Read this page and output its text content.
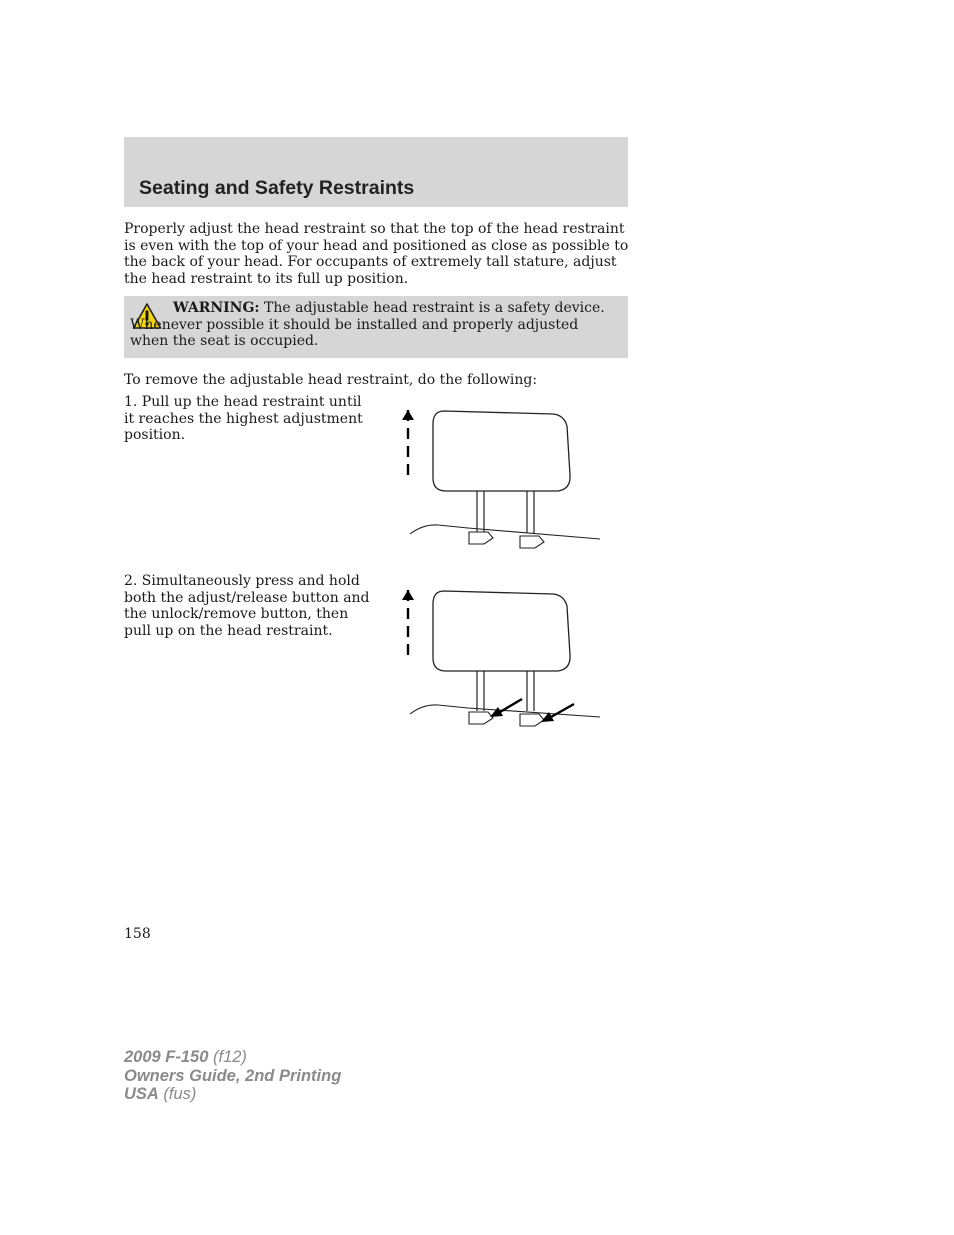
Seating and Safety Restraints

Properly adjust the head restraint so that the top of the head restraint is even with the top of your head and positioned as close as possible to the back of your head. For occupants of extremely tall stature, adjust the head restraint to its full up position.

WARNING: The adjustable head restraint is a safety device. Whenever possible it should be installed and properly adjusted when the seat is occupied.

To remove the adjustable head restraint, do the following:

1. Pull up the head restraint until it reaches the highest adjustment position.

2. Simultaneously press and hold both the adjust/release button and the unlock/remove button, then pull up on the head restraint.

158
2009 F-150 (f12)
Owners Guide, 2nd Printing
USA (fus)
